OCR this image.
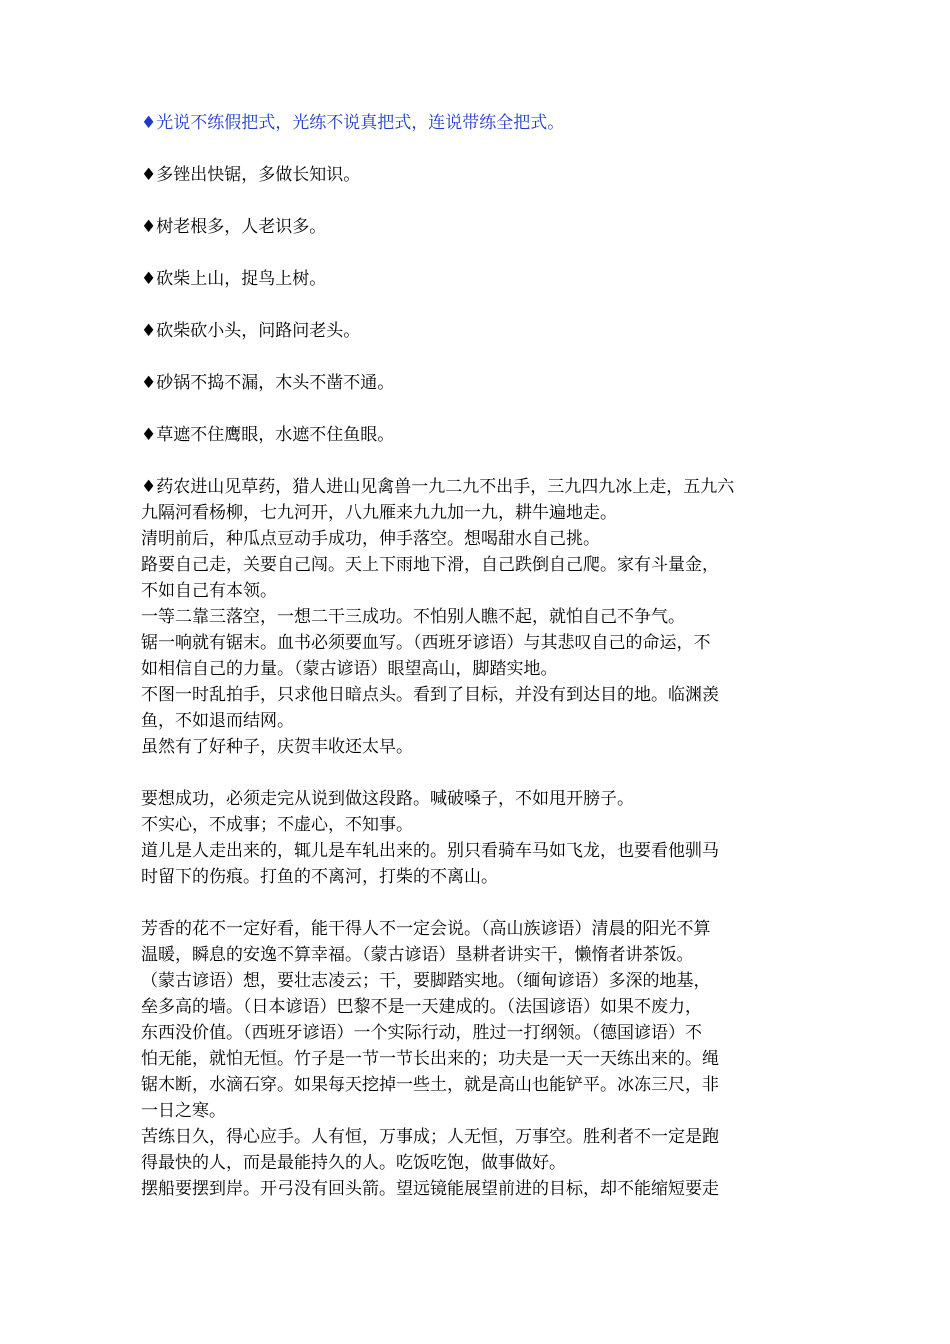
♦光说不练假把式，光练不说真把式，连说带练全把式。
♦多锉出快锯，多做长知识。
♦树老根多，人老识多。
♦砍柴上山，捉鸟上树。
♦砍柴砍小头，问路问老头。
♦砂锅不捣不漏，木头不凿不通。
♦草遮不住鹰眼，水遮不住鱼眼。
♦药农进山见草药，猎人进山见禽兽一九二九不出手，三九四九冰上走，五九六
九隔河看杨柳，七九河开，八九雁来九九加一九，耕牛遍地走。
清明前后，种瓜点豆动手成功，伸手落空。想喝甜水自己挑。
路要自己走，关要自己闯。天上下雨地下滑，自己跌倒自己爬。家有斗量金，
不如自己有本领。
一等二靠三落空，一想二干三成功。不怕别人瞧不起，就怕自己不争气。
锯一响就有锯末。血书必须要血写。（西班牙谚语）与其悲叹自己的命运，不
如相信自己的力量。（蒙古谚语）眼望高山，脚踏实地。
不图一时乱拍手，只求他日暗点头。看到了目标，并没有到达目的地。临渊羡
鱼，不如退而结网。
虽然有了好种子，庆贺丰收还太早。
要想成功，必须走完从说到做这段路。喊破嗓子，不如甩开膀子。
不实心，不成事；不虚心，不知事。
道儿是人走出来的，辄儿是车轧出来的。别只看骑车马如飞龙，也要看他驯马
时留下的伤痕。打鱼的不离河，打柴的不离山。
芳香的花不一定好看，能干得人不一定会说。（高山族谚语）清晨的阳光不算
温暖，瞬息的安逸不算幸福。（蒙古谚语）垦耕者讲实干，懒惰者讲茶饭。
（蒙古谚语）想，要壮志凌云；干，要脚踏实地。（缅甸谚语）多深的地基，
垒多高的墙。（日本谚语）巴黎不是一天建成的。（法国谚语）如果不废力，
东西没价值。（西班牙谚语）一个实际行动，胜过一打纲领。（德国谚语）不
怕无能，就怕无恒。竹子是一节一节长出来的；功夫是一天一天练出来的。绳
锯木断，水滴石穿。如果每天挖掉一些土，就是高山也能铲平。冰冻三尺，非
一日之寒。
苦练日久，得心应手。人有恒，万事成；人无恒，万事空。胜利者不一定是跑
得最快的人，而是最能持久的人。吃饭吃饱，做事做好。
摆船要摆到岸。开弓没有回头箭。望远镜能展望前进的目标，却不能缩短要走
